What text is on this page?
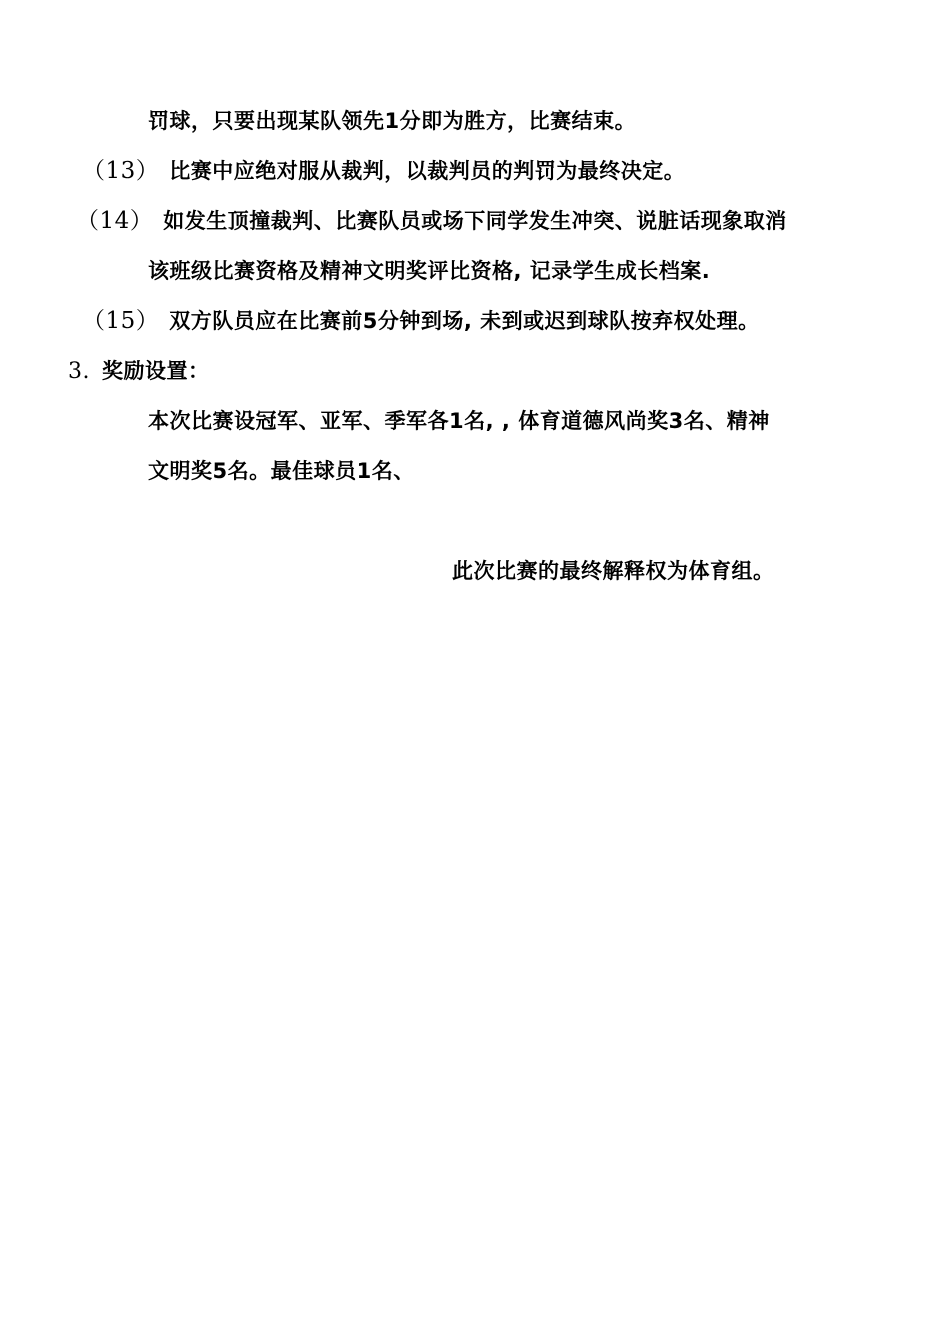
罚球，只要出现某队领先1分即为胜方，比赛结束。
（13） 比赛中应绝对服从裁判，以裁判员的判罚为最终决定。
（14） 如发生顶撞裁判、比赛队员或场下同学发生冲突、说脏话现象取消
该班级比赛资格及精神文明奖评比资格, 记录学生成长档案.
（15） 双方队员应在比赛前5分钟到场, 未到或迟到球队按弃权处理。
3. 奖励设置：
本次比赛设冠军、亚军、季军各1名, , 体育道德风尚奖3名、精神
文明奖5名。最佳球员1名、
此次比赛的最终解释权为体育组。
